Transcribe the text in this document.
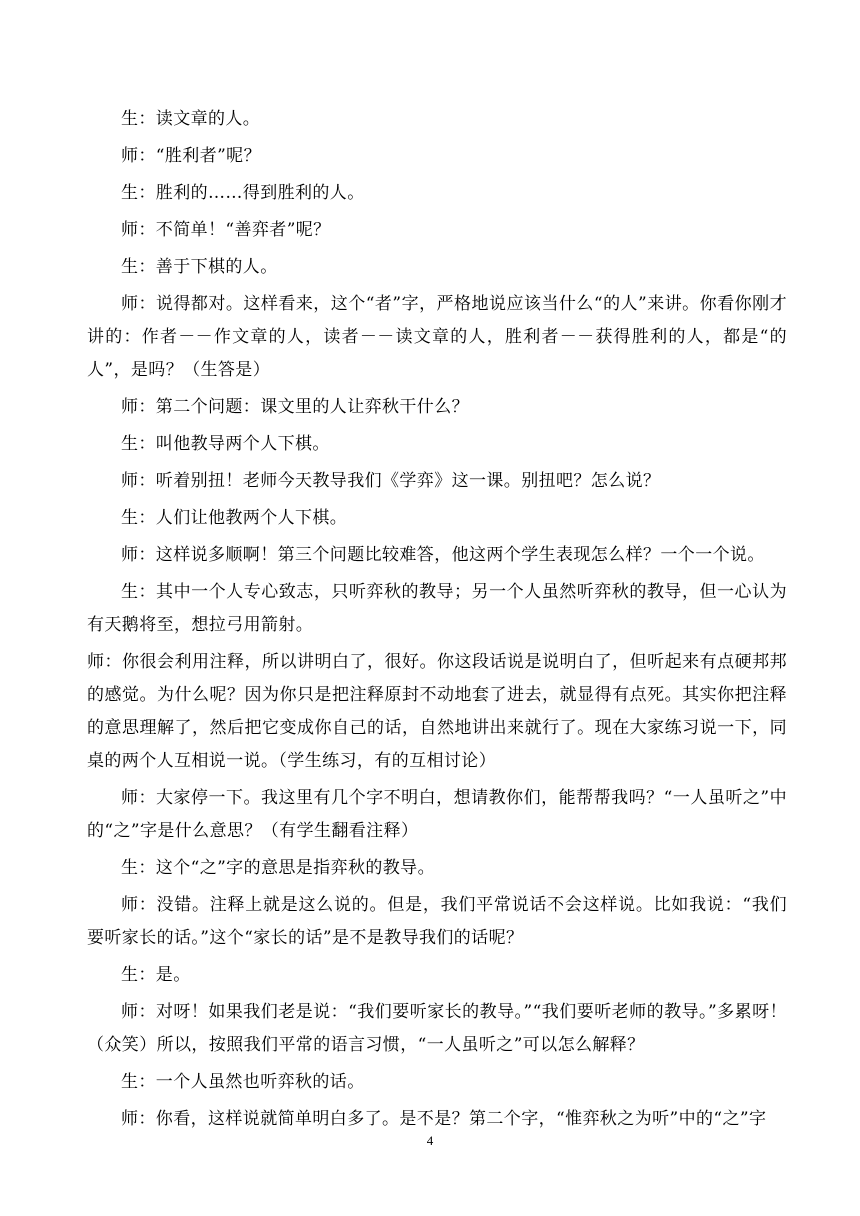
生：读文章的人。

师：“胜利者”呢？

生：胜利的……得到胜利的人。

师：不简单！“善弈者”呢？

生：善于下棋的人。

师：说得都对。这样看来，这个“者”字，严格地说应该当什么“的人”来讲。你看你刚才讲的：作者－－作文章的人，读者－－读文章的人，胜利者－－获得胜利的人，都是“的人”，是吗？（生答是）

师：第二个问题：课文里的人让弈秋干什么？

生：叫他教导两个人下棋。

师：听着别扭！老师今天教导我们《学弈》这一课。别扭吧？怎么说？

生：人们让他教两个人下棋。

师：这样说多顺啊！第三个问题比较难答，他这两个学生表现怎么样？一个一个说。

生：其中一个人专心致志，只听弈秋的教导；另一个人虽然听弈秋的教导，但一心认为有天鹅将至，想拉弓用箭射。

师：你很会利用注释，所以讲明白了，很好。你这段话说是说明白了，但听起来有点硬邦邦的感觉。为什么呢？因为你只是把注释原封不动地套了进去，就显得有点死。其实你把注释的意思理解了，然后把它变成你自己的话，自然地讲出来就行了。现在大家练习说一下，同桌的两个人互相说一说。（学生练习，有的互相讨论）

师：大家停一下。我这里有几个字不明白，想请教你们，能帮帮我吗？“一人虽听之”中的“之”字是什么意思？（有学生翻看注释）

生：这个“之”字的意思是指弈秋的教导。

师：没错。注释上就是这么说的。但是，我们平常说话不会这样说。比如我说：“我们要听家长的话。”这个“家长的话”是不是教导我们的话呢？

生：是。

师：对呀！如果我们老是说：“我们要听家长的教导。”“我们要听老师的教导。”多累呀！（众笑）所以，按照我们平常的语言习惯，“一人虽听之”可以怎么解释？

生：一个人虽然也听弈秋的话。

师：你看，这样说就简单明白多了。是不是？第二个字，“惟弈秋之为听”中的“之”字

4
